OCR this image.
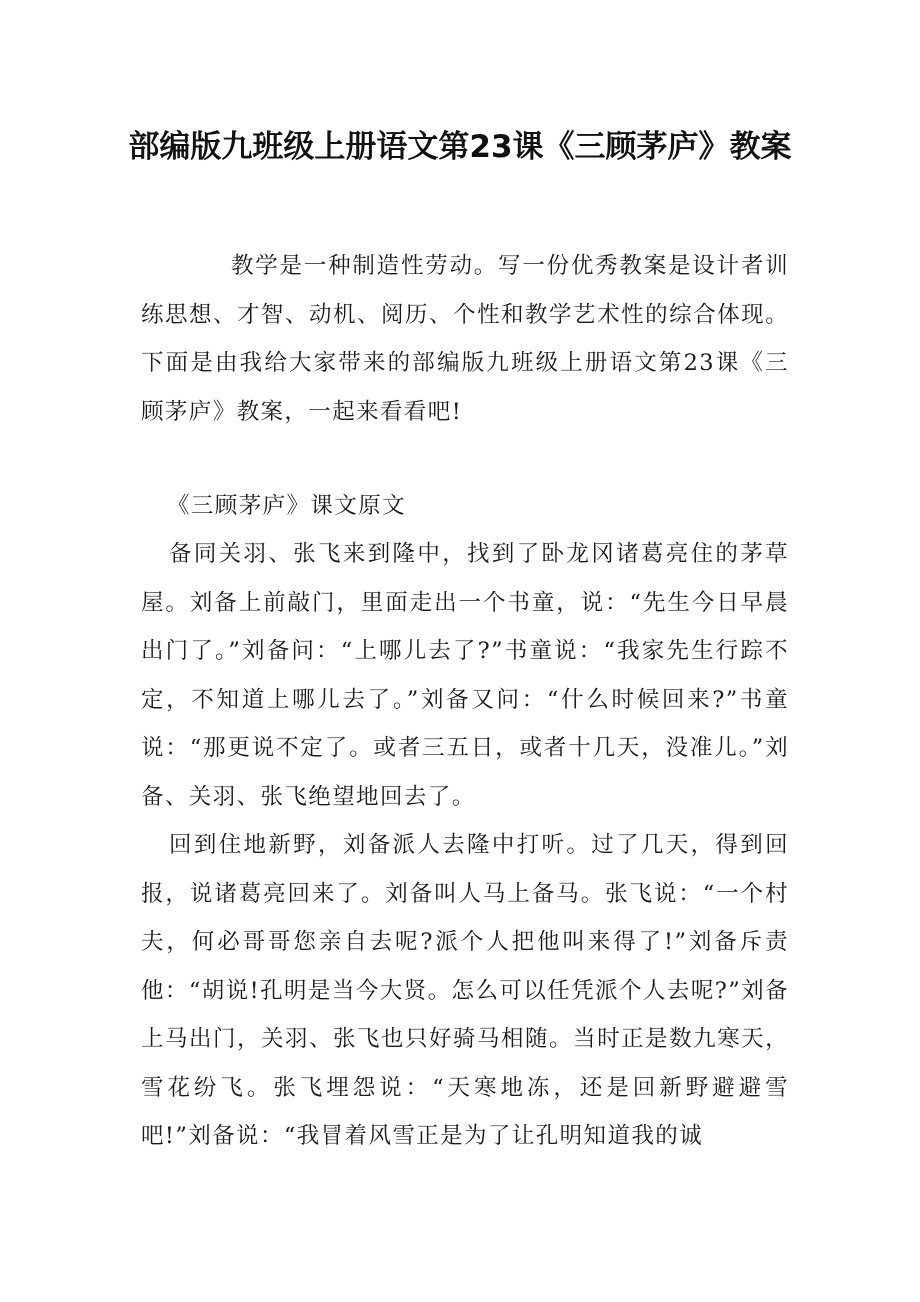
部编版九班级上册语文第23课《三顾茅庐》教案

教学是一种制造性劳动。写一份优秀教案是设计者训练思想、才智、动机、阅历、个性和教学艺术性的综合体现。下面是由我给大家带来的部编版九班级上册语文第23课《三顾茅庐》教案，一起来看看吧!

《三顾茅庐》课文原文

备同关羽、张飞来到隆中，找到了卧龙冈诸葛亮住的茅草屋。刘备上前敲门，里面走出一个书童，说：“先生今日早晨出门了。”刘备问：“上哪儿去了?”书童说：“我家先生行踪不定，不知道上哪儿去了。”刘备又问：“什么时候回来?”书童说：“那更说不定了。或者三五日，或者十几天，没准儿。”刘备、关羽、张飞绝望地回去了。

回到住地新野，刘备派人去隆中打听。过了几天，得到回报，说诸葛亮回来了。刘备叫人马上备马。张飞说：“一个村夫，何必哥哥您亲自去呢?派个人把他叫来得了!”刘备斥责他：“胡说!孔明是当今大贤。怎么可以任凭派个人去呢?”刘备上马出门，关羽、张飞也只好骑马相随。当时正是数九寒天，雪花纷飞。张飞埋怨说：“天寒地冻，还是回新野避避雪吧!”刘备说：“我冒着风雪正是为了让孔明知道我的诚
